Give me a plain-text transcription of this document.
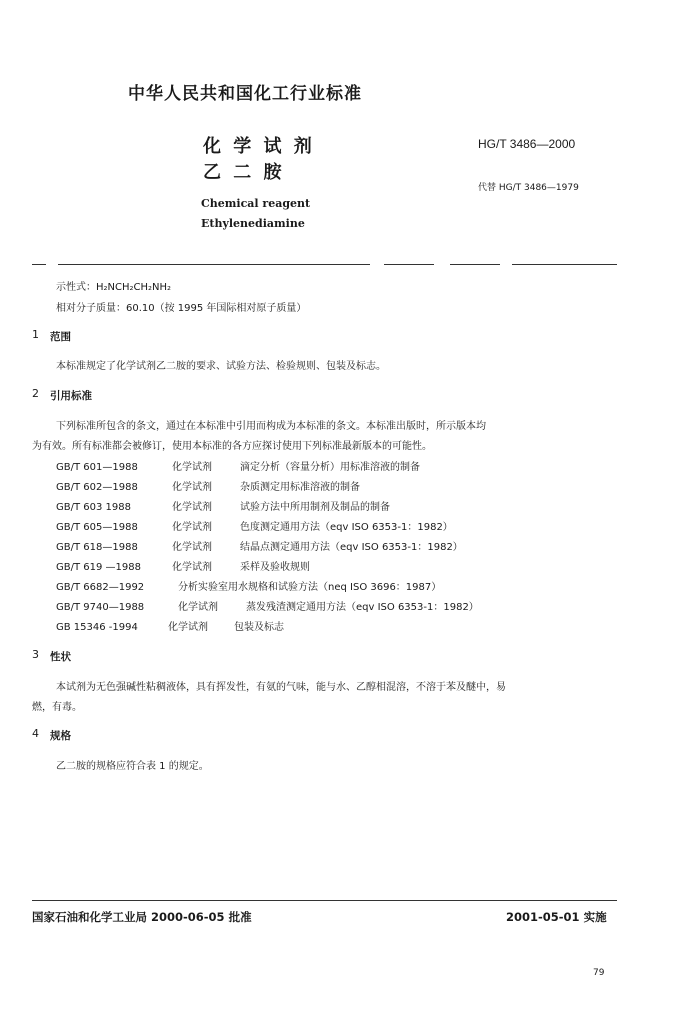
中华人民共和国化工行业标准
化 学 试 剂
乙 二 胺
HG/T 3486—2000
代替 HG/T 3486—1979
Chemical reagent
Ethylenediamine
示性式：H₂NCH₂CH₂NH₂
相对分子质量：60.10（按 1995 年国际相对原子质量）
1 范围
本标准规定了化学试剂乙二胺的要求、试验方法、检验规则、包装及标志。
2 引用标准
下列标准所包含的条文，通过在本标准中引用而构成为本标准的条文。本标准出版时，所示版本均
为有效。所有标准都会被修订，使用本标准的各方应探讨使用下列标准最新版本的可能性。
GB/T 601—1988	化学试剂	滴定分析（容量分析）用标准溶液的制备
GB/T 602—1988	化学试剂	杂质测定用标准溶液的制备
GB/T 603 1988	化学试剂	试验方法中所用制剂及制品的制备
GB/T 605—1988	化学试剂	色度测定通用方法（eqv ISO 6353-1：1982）
GB/T 618—1988	化学试剂	结晶点测定通用方法（eqv ISO 6353-1：1982）
GB/T 619 —1988	化学试剂	采样及验收规则
GB/T 6682—1992	分析实验室用水规格和试验方法（neq ISO 3696：1987）
GB/T 9740—1988	化学试剂	蒸发残渣测定通用方法（eqv ISO 6353-1：1982）
GB 15346 -1994	化学试剂	包装及标志
3 性状
本试剂为无色强碱性粘稠液体，具有挥发性，有氨的气味，能与水、乙醇相混溶，不溶于苯及醚中，易
燃，有毒。
4 规格
乙二胺的规格应符合表 1 的规定。
国家石油和化学工业局 2000-06-05 批准	2001-05-01 实施
79
